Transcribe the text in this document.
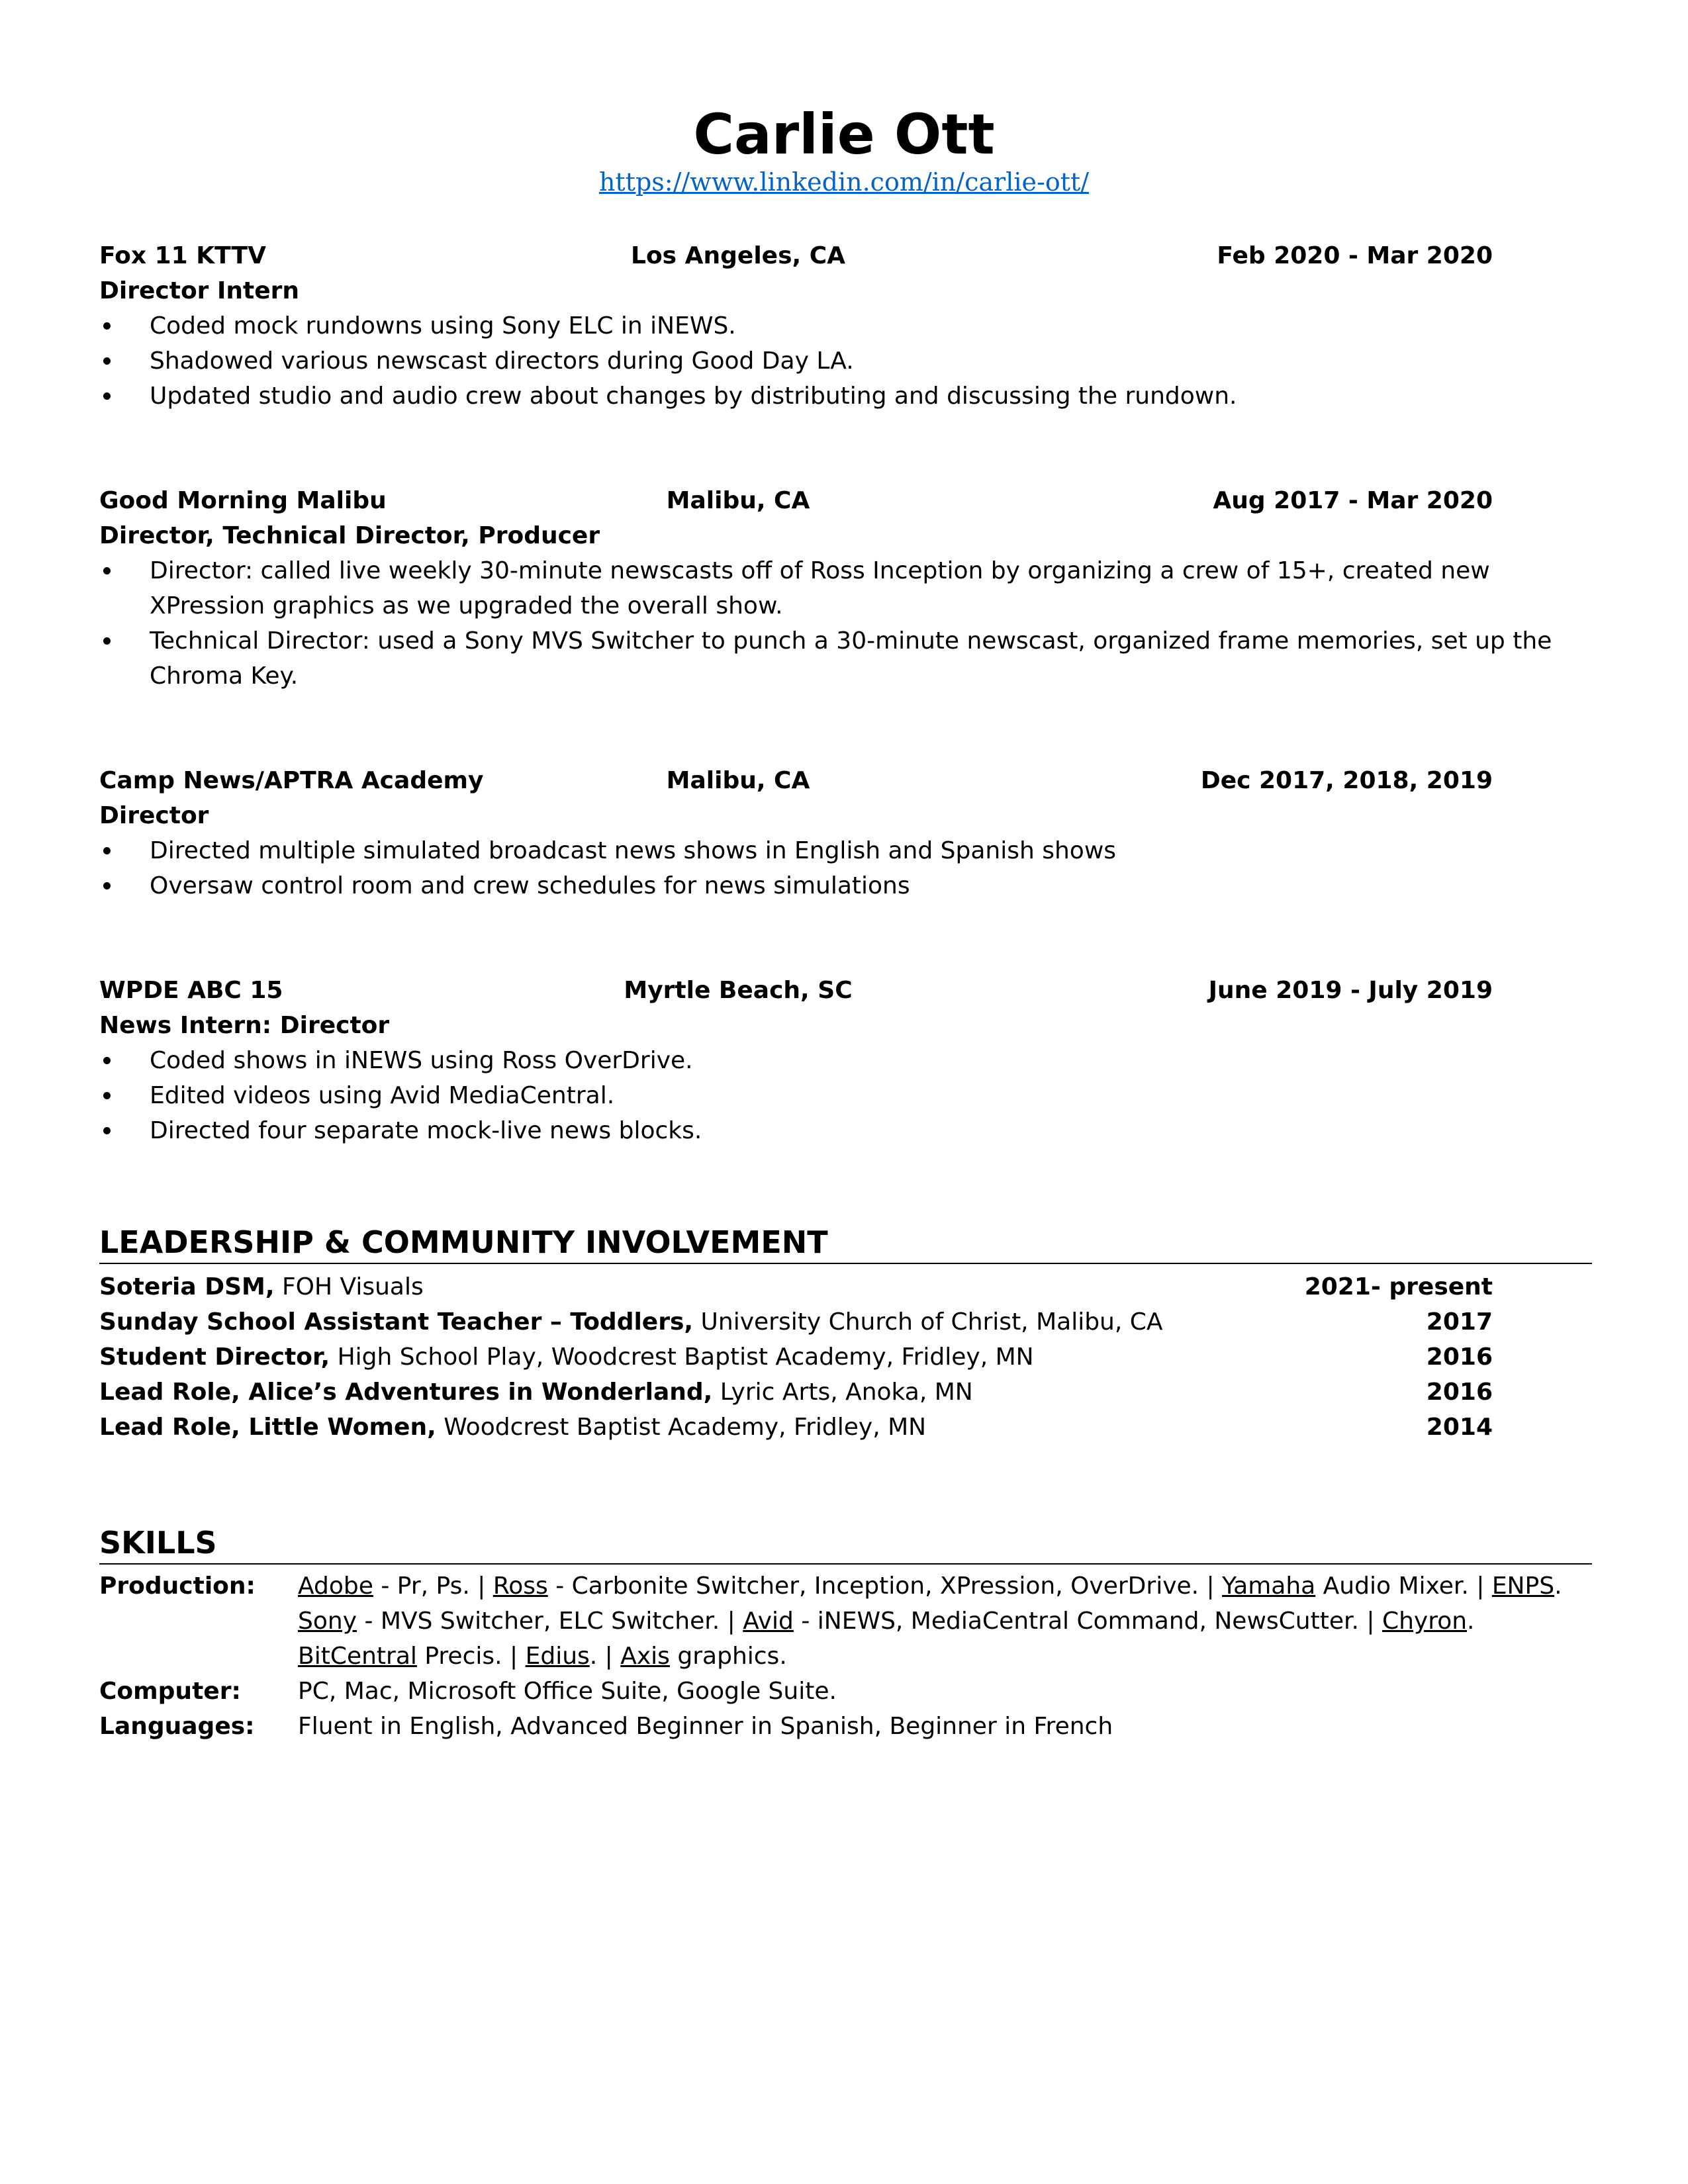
Carlie Ott
https://www.linkedin.com/in/carlie-ott/
Fox 11 KTTV	Los Angeles, CA	Feb 2020 - Mar 2020
Director Intern
Coded mock rundowns using Sony ELC in iNEWS.
Shadowed various newscast directors during Good Day LA.
Updated studio and audio crew about changes by distributing and discussing the rundown.
Good Morning Malibu	Malibu, CA	Aug 2017 - Mar 2020
Director, Technical Director, Producer
Director: called live weekly 30-minute newscasts off of Ross Inception by organizing a crew of 15+, created new XPression graphics as we upgraded the overall show.
Technical Director: used a Sony MVS Switcher to punch a 30-minute newscast, organized frame memories, set up the Chroma Key.
Camp News/APTRA Academy	Malibu, CA	Dec 2017, 2018, 2019
Director
Directed multiple simulated broadcast news shows in English and Spanish shows
Oversaw control room and crew schedules for news simulations
WPDE ABC 15	Myrtle Beach, SC	June 2019 - July 2019
News Intern: Director
Coded shows in iNEWS using Ross OverDrive.
Edited videos using Avid MediaCentral.
Directed four separate mock-live news blocks.
LEADERSHIP & COMMUNITY INVOLVEMENT
Soteria DSM, FOH Visuals	2021- present
Sunday School Assistant Teacher – Toddlers, University Church of Christ, Malibu, CA	2017
Student Director, High School Play, Woodcrest Baptist Academy, Fridley, MN	2016
Lead Role, Alice’s Adventures in Wonderland, Lyric Arts, Anoka, MN	2016
Lead Role, Little Women, Woodcrest Baptist Academy, Fridley, MN	2014
SKILLS
Production: Adobe - Pr, Ps. | Ross - Carbonite Switcher, Inception, XPression, OverDrive. | Yamaha Audio Mixer. | ENPS.
Sony - MVS Switcher, ELC Switcher. | Avid - iNEWS, MediaCentral Command, NewsCutter. | Chyron.
BitCentral Precis. | Edius. | Axis graphics.
Computer: PC, Mac, Microsoft Office Suite, Google Suite.
Languages: Fluent in English, Advanced Beginner in Spanish, Beginner in French
